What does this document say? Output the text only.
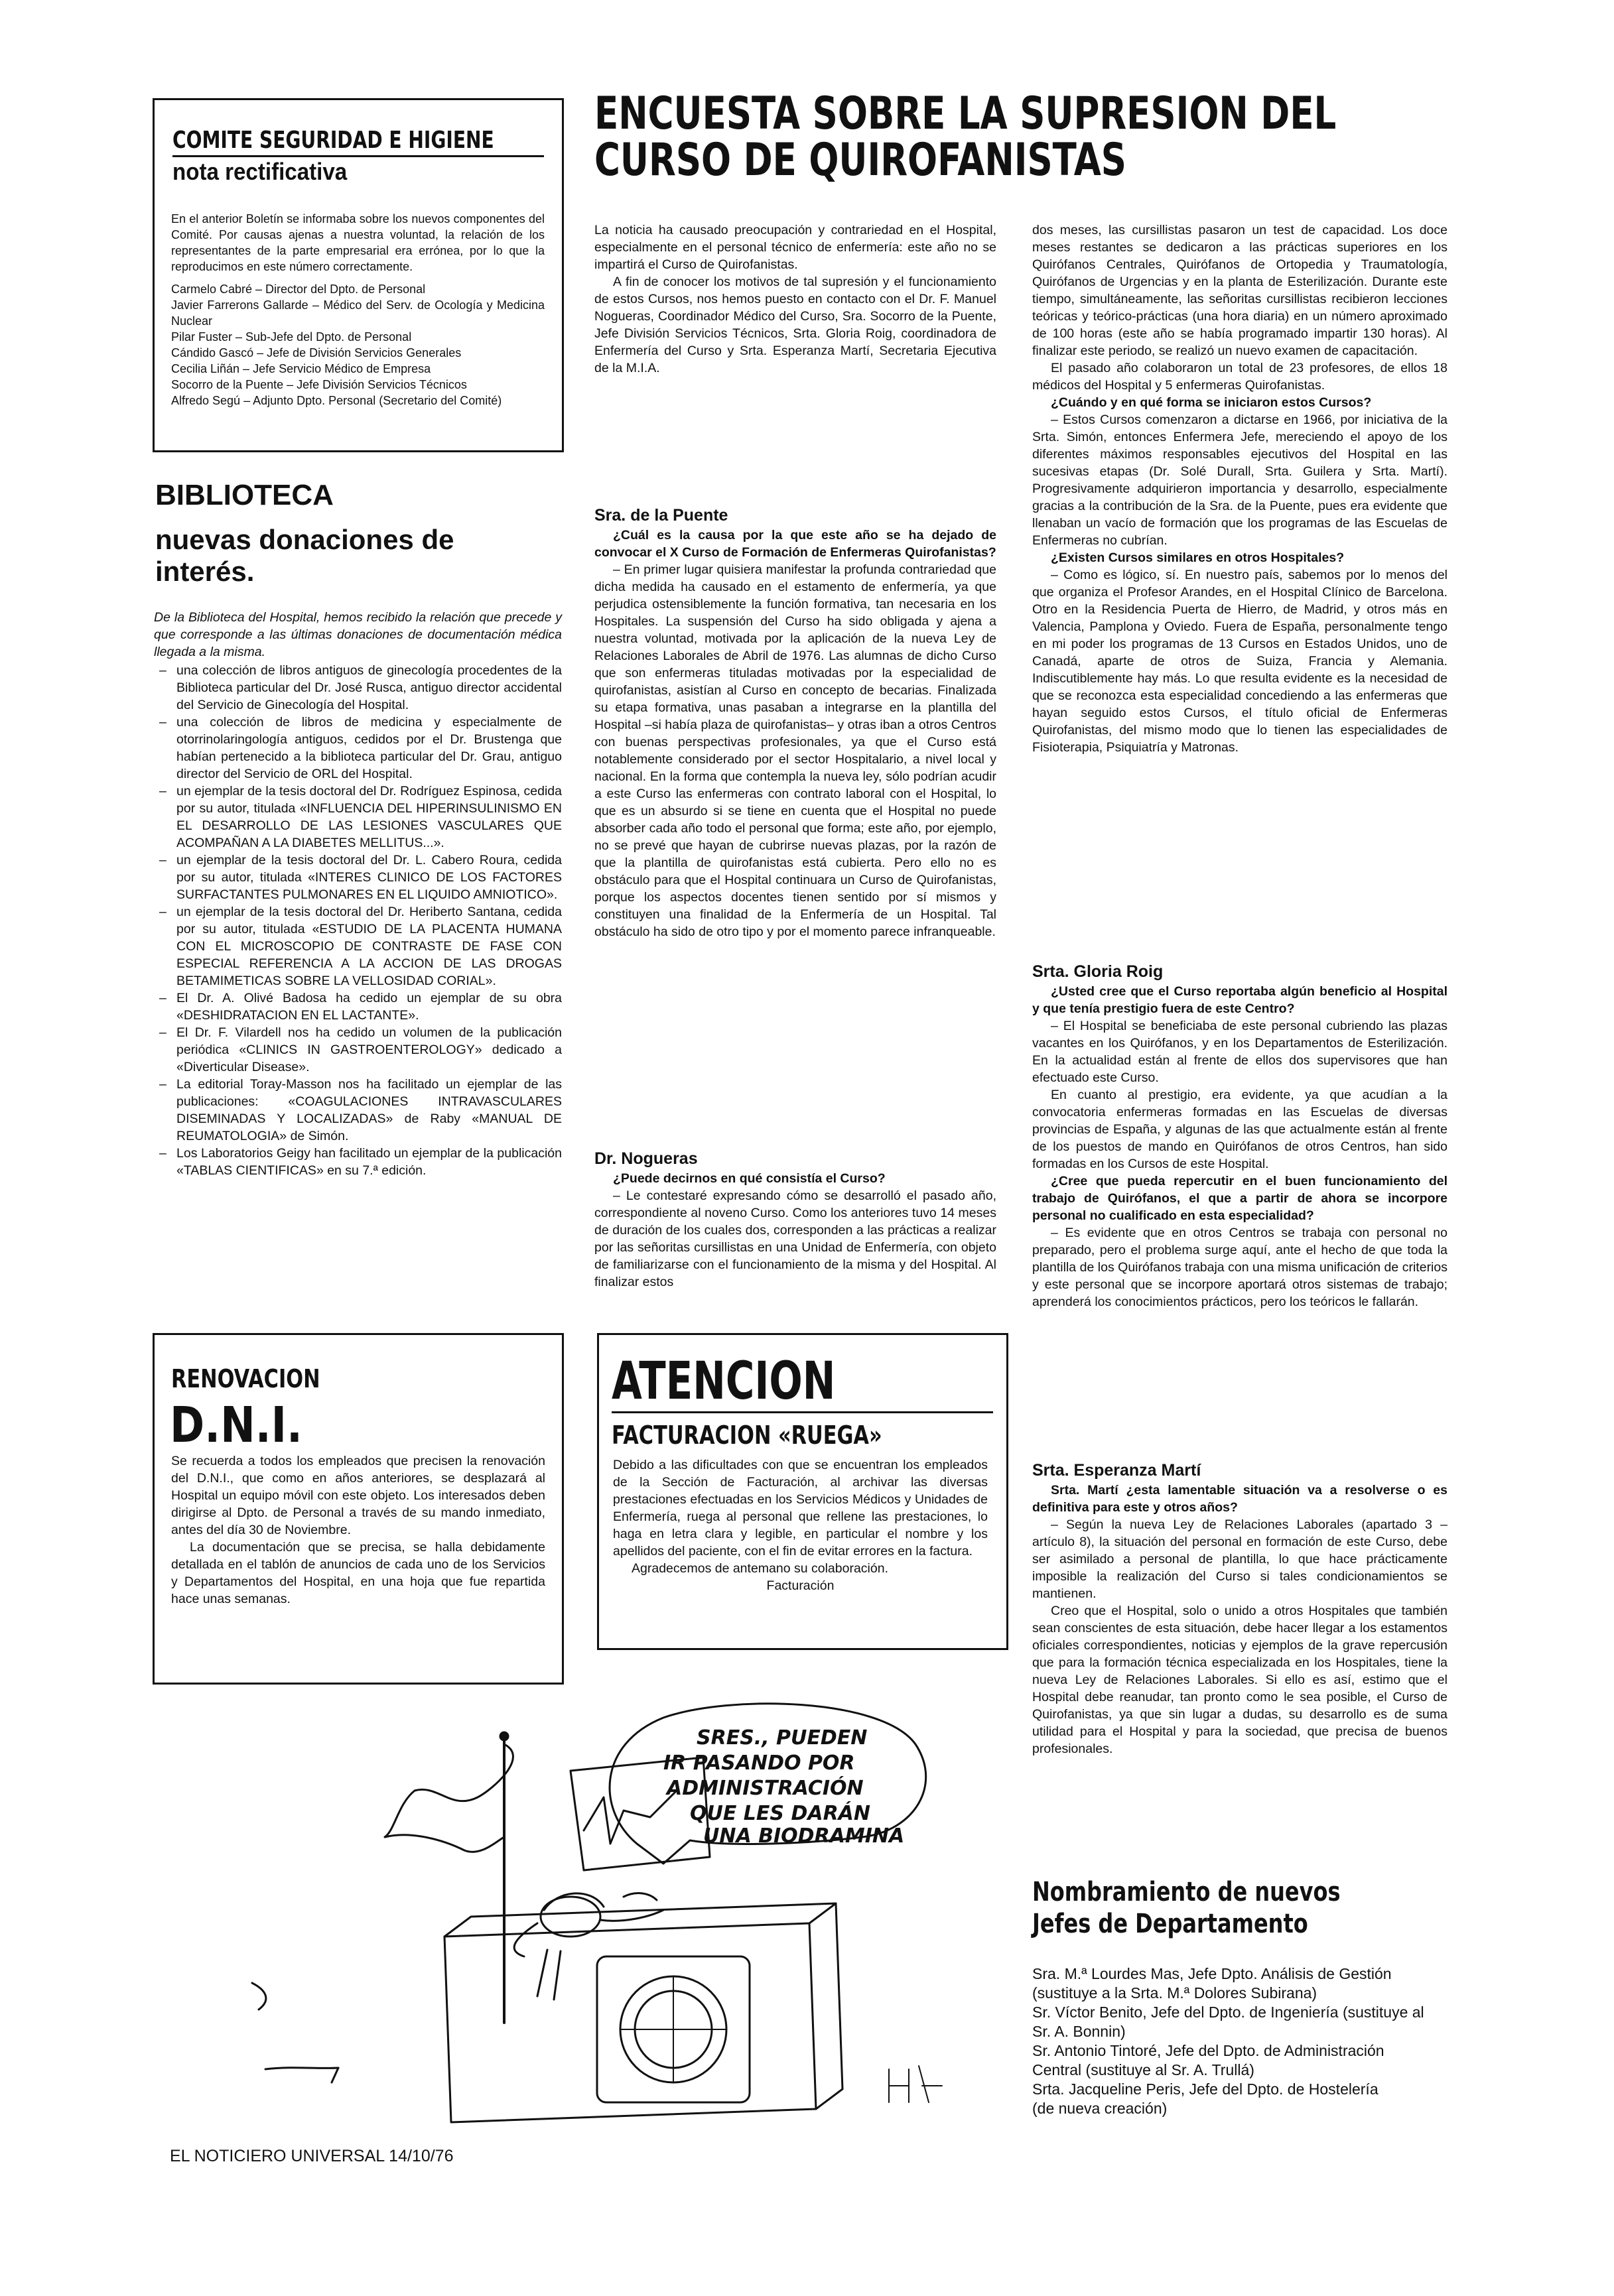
COMITE SEGURIDAD E HIGIENE
nota rectificativa

En el anterior Boletín se informaba sobre los nuevos componentes del Comité. Por causas ajenas a nuestra voluntad, la relación de los representantes de la parte empresarial era errónea, por lo que la reproducimos en este número correctamente.

Carmelo Cabré – Director del Dpto. de Personal

Javier Farrerons Gallarde – Médico del Serv. de Ocología y Medicina Nuclear

Pilar Fuster – Sub-Jefe del Dpto. de Personal

Cándido Gascó – Jefe de División Servicios Generales

Cecilia Liñán – Jefe Servicio Médico de Empresa

Socorro de la Puente – Jefe División Servicios Técnicos

Alfredo Segú – Adjunto Dpto. Personal (Secretario del Comité)

BIBLIOTECA
nuevas donaciones de interés.

De la Biblioteca del Hospital, hemos recibido la relación que precede y que corresponde a las últimas donaciones de documentación médica llegada a la misma.

– una colección de libros antiguos de ginecología procedentes de la Biblioteca particular del Dr. José Rusca, antiguo director accidental del Servicio de Ginecología del Hospital.
– una colección de libros de medicina y especialmente de otorrinolaringología antiguos, cedidos por el Dr. Brustenga que habían pertenecido a la biblioteca particular del Dr. Grau, antiguo director del Servicio de ORL del Hospital.
– un ejemplar de la tesis doctoral del Dr. Rodríguez Espinosa, cedida por su autor, titulada «INFLUENCIA DEL HIPERINSULINISMO EN EL DESARROLLO DE LAS LESIONES VASCULARES QUE ACOMPAÑAN A LA DIABETES MELLITUS...».
– un ejemplar de la tesis doctoral del Dr. L. Cabero Roura, cedida por su autor, titulada «INTERES CLINICO DE LOS FACTORES SURFACTANTES PULMONARES EN EL LIQUIDO AMNIOTICO».
– un ejemplar de la tesis doctoral del Dr. Heriberto Santana, cedida por su autor, titulada «ESTUDIO DE LA PLACENTA HUMANA CON EL MICROSCOPIO DE CONTRASTE DE FASE CON ESPECIAL REFERENCIA A LA ACCION DE LAS DROGAS BETAMIMETICAS SOBRE LA VELLOSIDAD CORIAL».
– El Dr. A. Olivé Badosa ha cedido un ejemplar de su obra «DESHIDRATACION EN EL LACTANTE».
– El Dr. F. Vilardell nos ha cedido un volumen de la publicación periódica «CLINICS IN GASTROENTEROLOGY» dedicado a «Diverticular Disease».
– La editorial Toray-Masson nos ha facilitado un ejemplar de las publicaciones: «COAGULACIONES INTRAVASCULARES DISEMINADAS Y LOCALIZADAS» de Raby «MANUAL DE REUMATOLOGIA» de Simón.
– Los Laboratorios Geigy han facilitado un ejemplar de la publicación «TABLAS CIENTIFICAS» en su 7.ª edición.
RENOVACION
D.N.I.

Se recuerda a todos los empleados que precisen la renovación del D.N.I., que como en años anteriores, se desplazará al Hospital un equipo móvil con este objeto. Los interesados deben dirigirse al Dpto. de Personal a través de su mando inmediato, antes del día 30 de Noviembre.

La documentación que se precisa, se halla debidamente detallada en el tablón de anuncios de cada uno de los Servicios y Departamentos del Hospital, en una hoja que fue repartida hace unas semanas.

ATENCION
FACTURACION «RUEGA»

Debido a las dificultades con que se encuentran los empleados de la Sección de Facturación, al archivar las diversas prestaciones efectuadas en los Servicios Médicos y Unidades de Enfermería, ruega al personal que rellene las prestaciones, lo haga en letra clara y legible, en particular el nombre y los apellidos del paciente, con el fin de evitar errores en la factura.

Agradecemos de antemano su colaboración.

Facturación

ENCUESTA SOBRE LA SUPRESION DEL
CURSO DE QUIROFANISTAS

La noticia ha causado preocupación y contrariedad en el Hospital, especialmente en el personal técnico de enfermería: este año no se impartirá el Curso de Quirofanistas.

A fin de conocer los motivos de tal supresión y el funcionamiento de estos Cursos, nos hemos puesto en contacto con el Dr. F. Manuel Nogueras, Coordinador Médico del Curso, Sra. Socorro de la Puente, Jefe División Servicios Técnicos, Srta. Gloria Roig, coordinadora de Enfermería del Curso y Srta. Esperanza Martí, Secretaria Ejecutiva de la M.I.A.

Sra. de la Puente

¿Cuál es la causa por la que este año se ha dejado de convocar el X Curso de Formación de Enfermeras Quirofanistas?

– En primer lugar quisiera manifestar la profunda contrariedad que dicha medida ha causado en el estamento de enfermería, ya que perjudica ostensiblemente la función formativa, tan necesaria en los Hospitales. La suspensión del Curso ha sido obligada y ajena a nuestra voluntad, motivada por la aplicación de la nueva Ley de Relaciones Laborales de Abril de 1976. Las alumnas de dicho Curso que son enfermeras tituladas motivadas por la especialidad de quirofanistas, asistían al Curso en concepto de becarias. Finalizada su etapa formativa, unas pasaban a integrarse en la plantilla del Hospital –si había plaza de quirofanistas– y otras iban a otros Centros con buenas perspectivas profesionales, ya que el Curso está notablemente considerado por el sector Hospitalario, a nivel local y nacional. En la forma que contempla la nueva ley, sólo podrían acudir a este Curso las enfermeras con contrato laboral con el Hospital, lo que es un absurdo si se tiene en cuenta que el Hospital no puede absorber cada año todo el personal que forma; este año, por ejemplo, no se prevé que hayan de cubrirse nuevas plazas, por la razón de que la plantilla de quirofanistas está cubierta. Pero ello no es obstáculo para que el Hospital continuara un Curso de Quirofanistas, porque los aspectos docentes tienen sentido por sí mismos y constituyen una finalidad de la Enfermería de un Hospital. Tal obstáculo ha sido de otro tipo y por el momento parece infranqueable.

Dr. Nogueras

¿Puede decirnos en qué consistía el Curso?

– Le contestaré expresando cómo se desarrolló el pasado año, correspondiente al noveno Curso. Como los anteriores tuvo 14 meses de duración de los cuales dos, corresponden a las prácticas a realizar por las señoritas cursillistas en una Unidad de Enfermería, con objeto de familiarizarse con el funcionamiento de la misma y del Hospital. Al finalizar estos

dos meses, las cursillistas pasaron un test de capacidad. Los doce meses restantes se dedicaron a las prácticas superiores en los Quirófanos Centrales, Quirófanos de Ortopedia y Traumatología, Quirófanos de Urgencias y en la planta de Esterilización. Durante este tiempo, simultáneamente, las señoritas cursillistas recibieron lecciones teóricas y teórico-prácticas (una hora diaria) en un número aproximado de 100 horas (este año se había programado impartir 130 horas). Al finalizar este periodo, se realizó un nuevo examen de capacitación.

El pasado año colaboraron un total de 23 profesores, de ellos 18 médicos del Hospital y 5 enfermeras Quirofanistas.

¿Cuándo y en qué forma se iniciaron estos Cursos?

– Estos Cursos comenzaron a dictarse en 1966, por iniciativa de la Srta. Simón, entonces Enfermera Jefe, mereciendo el apoyo de los diferentes máximos responsables ejecutivos del Hospital en las sucesivas etapas (Dr. Solé Durall, Srta. Guilera y Srta. Martí). Progresivamente adquirieron importancia y desarrollo, especialmente gracias a la contribución de la Sra. de la Puente, pues era evidente que llenaban un vacío de formación que los programas de las Escuelas de Enfermeras no cubrían.

¿Existen Cursos similares en otros Hospitales?

– Como es lógico, sí. En nuestro país, sabemos por lo menos del que organiza el Profesor Arandes, en el Hospital Clínico de Barcelona. Otro en la Residencia Puerta de Hierro, de Madrid, y otros más en Valencia, Pamplona y Oviedo. Fuera de España, personalmente tengo en mi poder los programas de 13 Cursos en Estados Unidos, uno de Canadá, aparte de otros de Suiza, Francia y Alemania. Indiscutiblemente hay más. Lo que resulta evidente es la necesidad de que se reconozca esta especialidad concediendo a las enfermeras que hayan seguido estos Cursos, el título oficial de Enfermeras Quirofanistas, del mismo modo que lo tienen las especialidades de Fisioterapia, Psiquiatría y Matronas.

Srta. Gloria Roig

¿Usted cree que el Curso reportaba algún beneficio al Hospital y que tenía prestigio fuera de este Centro?

– El Hospital se beneficiaba de este personal cubriendo las plazas vacantes en los Quirófanos, y en los Departamentos de Esterilización. En la actualidad están al frente de ellos dos supervisores que han efectuado este Curso.

En cuanto al prestigio, era evidente, ya que acudían a la convocatoria enfermeras formadas en las Escuelas de diversas provincias de España, y algunas de las que actualmente están al frente de los puestos de mando en Quirófanos de otros Centros, han sido formadas en los Cursos de este Hospital.

¿Cree que pueda repercutir en el buen funcionamiento del trabajo de Quirófanos, el que a partir de ahora se incorpore personal no cualificado en esta especialidad?

– Es evidente que en otros Centros se trabaja con personal no preparado, pero el problema surge aquí, ante el hecho de que toda la plantilla de los Quirófanos trabaja con una misma unificación de criterios y este personal que se incorpore aportará otros sistemas de trabajo; aprenderá los conocimientos prácticos, pero los teóricos le fallarán.

Srta. Esperanza Martí

Srta. Martí ¿esta lamentable situación va a resolverse o es definitiva para este y otros años?

– Según la nueva Ley de Relaciones Laborales (apartado 3 – artículo 8), la situación del personal en formación de este Curso, debe ser asimilado a personal de plantilla, lo que hace prácticamente imposible la realización del Curso si tales condicionamientos se mantienen.

Creo que el Hospital, solo o unido a otros Hospitales que también sean conscientes de esta situación, debe hacer llegar a los estamentos oficiales correspondientes, noticias y ejemplos de la grave repercusión que para la formación técnica especializada en los Hospitales, tiene la nueva Ley de Relaciones Laborales. Si ello es así, estimo que el Hospital debe reanudar, tan pronto como le sea posible, el Curso de Quirofanistas, ya que sin lugar a dudas, su desarrollo es de suma utilidad para el Hospital y para la sociedad, que precisa de buenos profesionales.

Nombramiento de nuevos
Jefes de Departamento

Sra. M.ª Lourdes Mas, Jefe Dpto. Análisis de Gestión
(sustituye a la Srta. M.ª Dolores Subirana)

Sr. Víctor Benito, Jefe del Dpto. de Ingeniería (sustituye al Sr. A. Bonnin)

Sr. Antonio Tintoré, Jefe del Dpto. de Administración
Central (sustituye al Sr. A. Trullá)

Srta. Jacqueline Peris, Jefe del Dpto. de Hostelería
(de nueva creación)

SRES., PUEDEN
IR PASANDO POR
ADMINISTRACIÓN
QUE LES DARÁN
UNA BIODRAMINA
EL NOTICIERO UNIVERSAL 14/10/76
